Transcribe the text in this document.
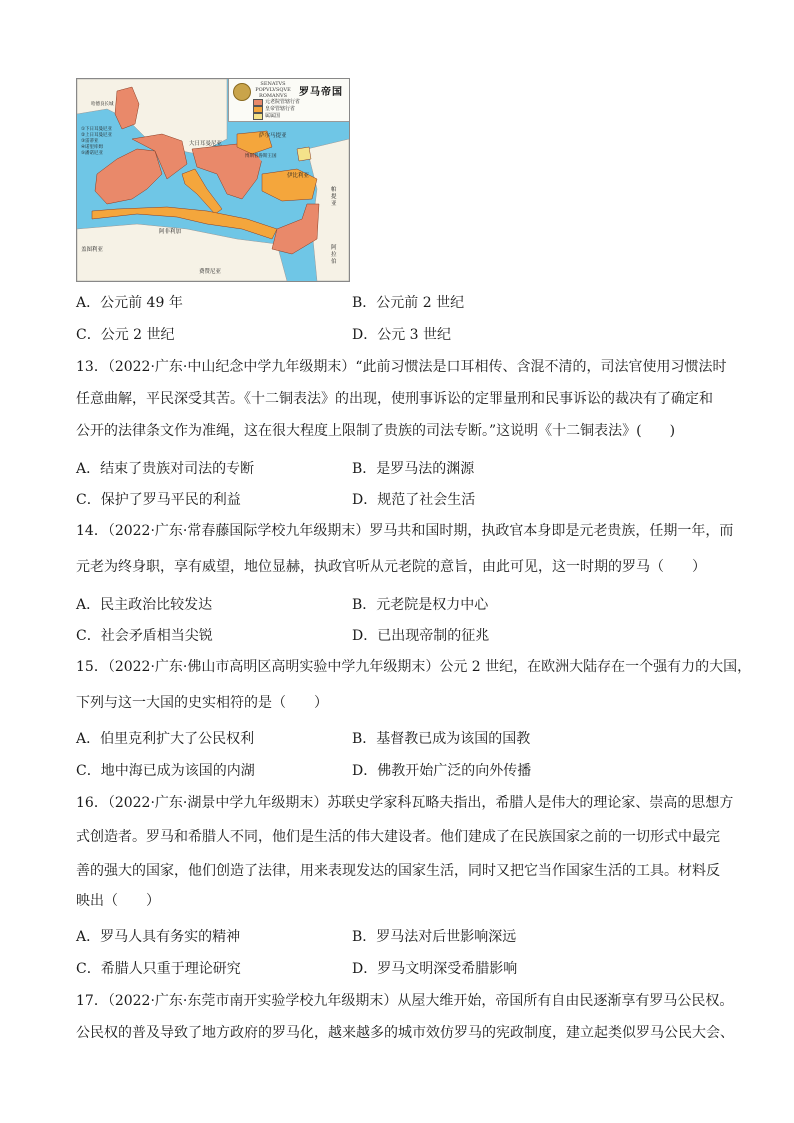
大日耳曼尼亚
萨尔马提亚
博斯普鲁斯王国
伊比利亚
阿非利加
盖图利亚
费赞尼亚
阿拉伯
帕提亚
哈德良长城
①下日耳曼尼亚
②上日耳曼尼亚
③雷蒂亚
④诺里库姆
⑤潘诺尼亚
SENATVS POPVLVSQVE ROMANVS	罗马帝国
元老院管辖行省
皇帝管辖行省
属属国
A．公元前 49 年	B．公元前 2 世纪
C．公元 2 世纪	D．公元 3 世纪
13．（2022·广东·中山纪念中学九年级期末）“此前习惯法是口耳相传、含混不清的，司法官使用习惯法时
任意曲解，平民深受其苦。《十二铜表法》的出现，使刑事诉讼的定罪量刑和民事诉讼的裁决有了确定和
公开的法律条文作为准绳，这在很大程度上限制了贵族的司法专断。”这说明《十二铜表法》(　　)
A．结束了贵族对司法的专断	B．是罗马法的渊源
C．保护了罗马平民的利益	D．规范了社会生活
14．（2022·广东·常春藤国际学校九年级期末）罗马共和国时期，执政官本身即是元老贵族，任期一年，而
元老为终身职，享有威望，地位显赫，执政官听从元老院的意旨，由此可见，这一时期的罗马（　　）
A．民主政治比较发达	B．元老院是权力中心
C．社会矛盾相当尖锐	D．已出现帝制的征兆
15．（2022·广东·佛山市高明区高明实验中学九年级期末）公元 2 世纪，在欧洲大陆存在一个强有力的大国，
下列与这一大国的史实相符的是（　　）
A．伯里克利扩大了公民权利	B．基督教已成为该国的国教
C．地中海已成为该国的内湖	D．佛教开始广泛的向外传播
16．（2022·广东·湖景中学九年级期末）苏联史学家科瓦略夫指出，希腊人是伟大的理论家、崇高的思想方
式创造者。罗马和希腊人不同，他们是生活的伟大建设者。他们建成了在民族国家之前的一切形式中最完
善的强大的国家，他们创造了法律，用来表现发达的国家生活，同时又把它当作国家生活的工具。材料反
映出（　　）
A．罗马人具有务实的精神	B．罗马法对后世影响深远
C．希腊人只重于理论研究	D．罗马文明深受希腊影响
17．（2022·广东·东莞市南开实验学校九年级期末）从屋大维开始，帝国所有自由民逐渐享有罗马公民权。
公民权的普及导致了地方政府的罗马化，越来越多的城市效仿罗马的宪政制度，建立起类似罗马公民大会、
